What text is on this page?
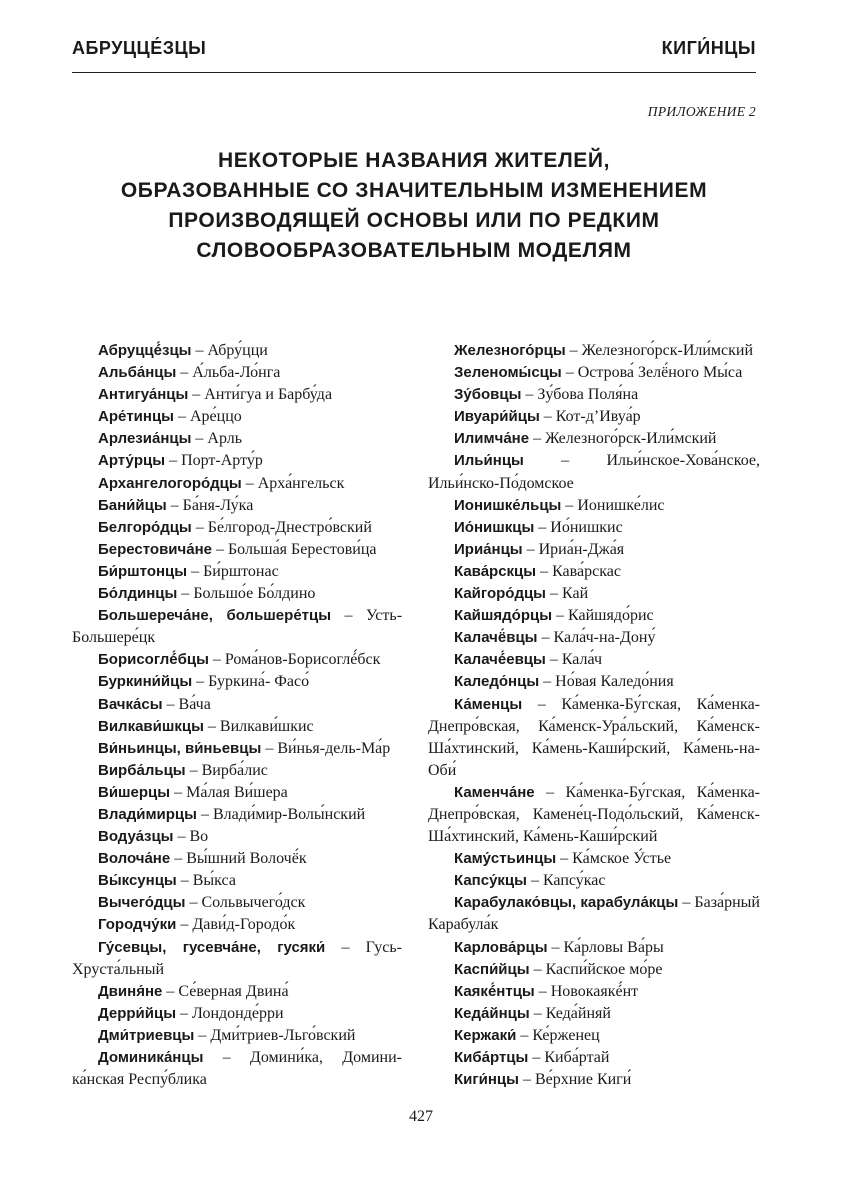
АБРУЦЦЕ́ЗЦЫ	КИГИ́НЦЫ
ПРИЛОЖЕНИЕ 2
НЕКОТОРЫЕ НАЗВАНИЯ ЖИТЕЛЕЙ,
ОБРАЗОВАННЫЕ СО ЗНАЧИТЕЛЬНЫМ ИЗМЕНЕНИЕМ
ПРОИЗВОДЯЩЕЙ ОСНОВЫ ИЛИ ПО РЕДКИМ
СЛОВООБРАЗОВАТЕЛЬНЫМ МОДЕЛЯМ
Абруццé́зцы – Абру́цци
Альба́нцы – А́льба-Ло́нга
Антигуа́нцы – Анти́гуа и Барбу́да
Аре́тинцы – Аре́ццо
Арлезиа́нцы – Арль
Арту́рцы – Порт-Арту́р
Архангелогоро́дцы – Арха́нгельск
Бани́йцы – Ба́ня-Лу́ка
Белгоро́дцы – Бе́лгород-Днестро́вский
Берестовича́не – Больша́я Берестови́ца
Би́рштонцы – Би́рштонас
Бо́лдинцы – Большо́е Бо́лдино
Большереча́не, большере́тцы – Усть-Большере́цк
Борисоглé́бцы – Рома́нов-Борисоглé́бск
Буркини́йцы – Буркина́- Фасо́
Вачка́сы – Ва́ча
Вилкави́шкцы – Вилкави́шкис
Ви́ньинцы, ви́ньевцы – Ви́нья-дель-Ма́р
Вирба́льцы – Вирба́лис
Ви́шерцы – Ма́лая Ви́шера
Влади́мирцы – Влади́мир-Волы́нский
Водуа́зцы – Во
Волоча́не – Вы́шний Волочё́к
Вы́ксунцы – Вы́кса
Вычего́дцы – Сольвычего́дск
Городчу́ки – Дави́д-Городо́к
Гу́севцы, гусевча́не, гусяки́ – Гусь-Хруста́льный
Двиня́не – Се́верная Двина́
Дерри́йцы – Лондонде́рри
Дми́триевцы – Дми́триев-Льго́вский
Доминика́нцы – Домини́ка, Домини-ка́нская Респу́блика
Железного́рцы – Железного́рск-Или́мский
Зеленомы́сцы – Острова́ Зелё́ного Мы́са
Зу́бовцы – Зу́бова Поля́на
Ивуари́йцы – Кот-д’Ивуа́р
Илимча́не – Железного́рск-Или́мский
Ильи́нцы – Ильи́нское-Хова́нское, Ильи́нско-По́домское
Ионишке́льцы – Ионишке́лис
Ио́нишкцы – Ио́нишкис
Ириа́нцы – Ириа́н-Джа́я
Кава́рскцы – Кава́рскас
Кайгоро́дцы – Кай
Кайшядо́рцы – Кайшядо́рис
Калачё́вцы – Кала́ч-на-Дону́
Калачé́евцы – Кала́ч
Каледо́нцы – Но́вая Каледо́ния
Ка́менцы – Ка́менка-Бу́гская, Ка́менка-Днепро́вская, Ка́менск-Ура́льский, Ка́менск-Ша́хтинский, Ка́мень-Каши́рский, Ка́мень-на-Оби́
Каменча́не – Ка́менка-Бу́гская, Ка́менка-Днепро́вская, Камене́ц-Подо́льский, Ка́менск-Ша́хтинский, Ка́мень-Каши́рский
Каму́стьинцы – Ка́мское У́стье
Капсу́кцы – Капсу́кас
Карабулако́вцы, карабула́кцы – База́рный Карабула́к
Карлова́рцы – Ка́рловы Ва́ры
Каспи́йцы – Каспи́йское мо́ре
Каякé́нтцы – Новокаякé́нт
Кеда́йнцы – Кеда́йняй
Кержаки́ – Ке́рженец
Киба́ртцы – Киба́ртай
Киги́нцы – Ве́рхние Киги́
427
